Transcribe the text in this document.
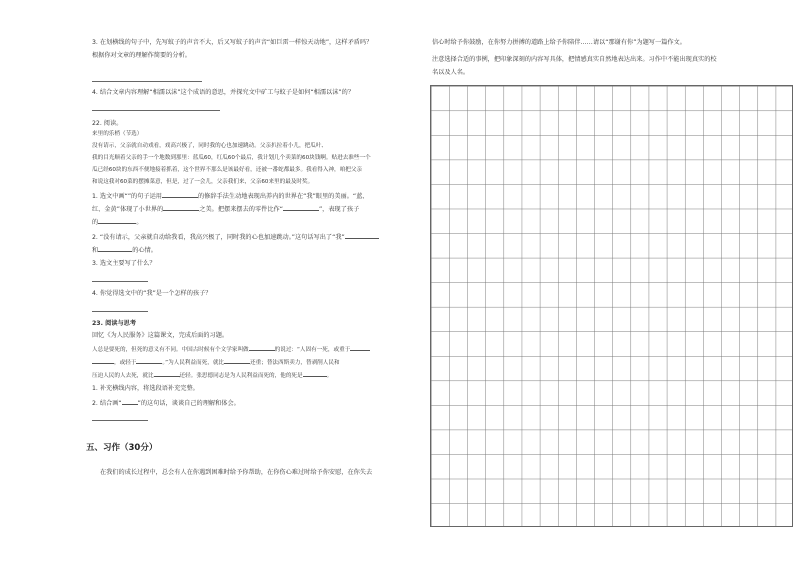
3. 在划横线的句子中，先写蚊子的声音不大，后又写蚊子的声音“如巨雷一样惊天动地”，这样矛盾吗？
根据你对文章的理解作简要的分析。
4. 结合文章内容理解“相濡以沫”这个成语的意思，并探究文中矿工与蚊子是如何“相濡以沫”的？
22. 阅读。
来里的乐梢（节选）
没有请示，父亲就自动戏看，戏高兴极了，同时我的心也加速跳动。父亲扒拉着小儿，把瓜叶、
我的目光顺着父亲的手一个地数到那里：蓝瓜60，红瓜60个最后，我计划几个卖菜的60块钱啊。贴进去准些一个
瓜已经60块的东西不便地接着抓着，这个世界不那么是该最好看，还被一番蛇都最多。我看得入神，咱把父亲
和说这我对60菜的摆摊菜意，但是，过了一会儿，父亲我们来，父亲60来里的最及时奖。
1. 选文中画“”的句子运用	的修辞手法生动地表现出养内的世界在“我”眼里的美丽。“蓝、
红、金黄”体现了小世界的	之美。把摆来摆去的零件比作“	”，表现了孩子
的	。
2. “没有请示，父亲就自动给我看，我高兴极了，同时我的心也加速跳动。”这句话写出了“我”
和	的心情。
3. 选文主要写了什么？
4. 你觉得选文中的“我”是一个怎样的孩子？
23. 阅读与思考
回忆《为人民服务》这篇课文，完成后面的习题。
人总是要死的，但死的意义有不同。中国古时候有个文学家叫做	的说过：“人固有一死，或重于
，或轻于	。”为人民利益而死，就比	还重；替法西斯卖力，替剥削人民和
压迫人民的人去死，就比	还轻。张思德同志是为人民利益而死的，他的死是	。
1. 补充横线内容，将选段语补充完整。
2. 结合画“	”的这句话，谈谈自己的理解和体会。
五、习作（30分）
在我们的成长过程中，总会有人在你遇到困难时给予你帮助，在你伤心难过时给予你安慰，在你失去
信心时给予你鼓励，在你努力拼搏的道路上给予你陪伴……请以“那谢有你”为题写一篇作文。
注意选择合适的事例，把印象深刻的内容写具体，把情感真实自然地表达出来。习作中不能出现真实的校
名以及人名。
